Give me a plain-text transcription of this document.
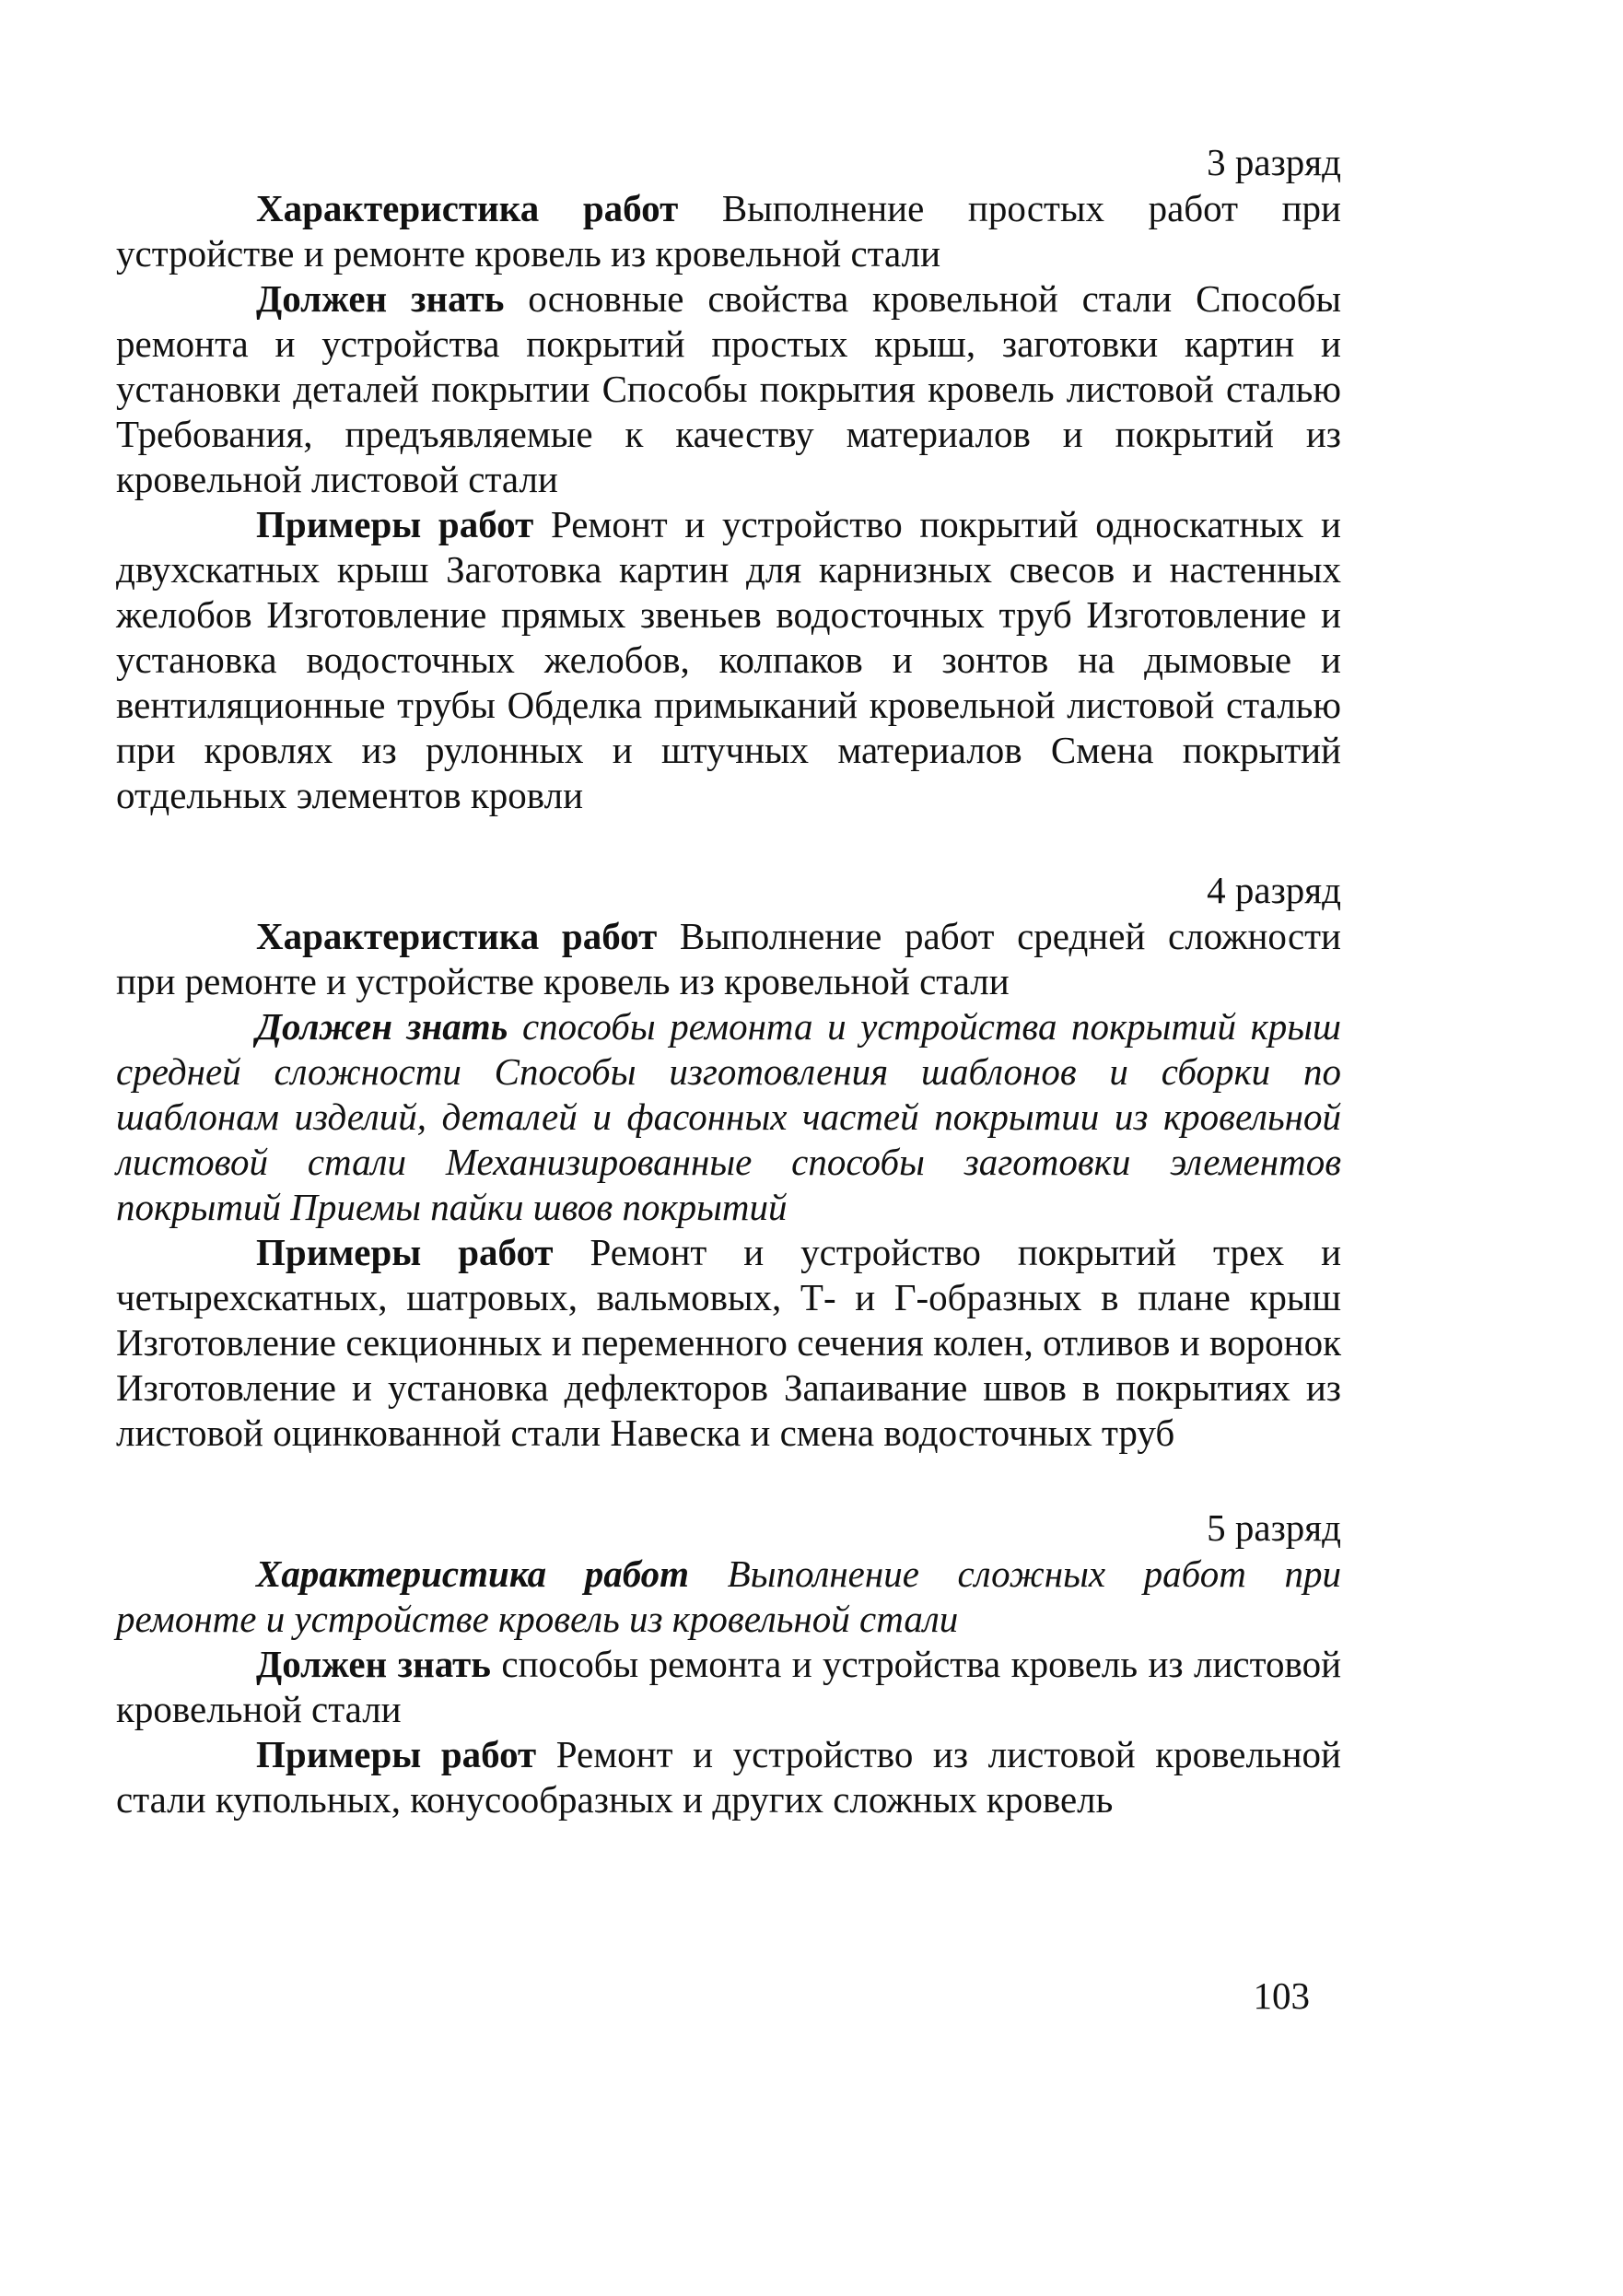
3 разряд

Характеристика работ Выполнение простых работ при устройстве и ремонте кровель из кровельной стали

Должен знать основные свойства кровельной стали Способы ремонта и устройства покрытий простых крыш, заготовки картин и установки деталей покрытии Способы покрытия кровель листовой сталью Требования, предъявляемые к качеству материалов и покрытий из кровельной листовой стали

Примеры работ Ремонт и устройство покрытий односкатных и двухскатных крыш Заготовка картин для карнизных свесов и настенных желобов Изготовление прямых звеньев водосточных труб Изготовление и установка водосточных желобов, колпаков и зонтов на дымовые и вентиляционные трубы Обделка примыканий кровельной листовой сталью при кровлях из рулонных и штучных материалов Смена покрытий отдельных элементов кровли

4 разряд

Характеристика работ Выполнение работ средней сложности при ремонте и устройстве кровель из кровельной стали

Должен знать способы ремонта и устройства покрытий крыш средней сложности Способы изготовления шаблонов и сборки по шаблонам изделий, деталей и фасонных частей покрытии из кровельной листовой стали Механизированные способы заготовки элементов покрытий Приемы пайки швов покрытий

Примеры работ Ремонт и устройство покрытий трех и четырехскатных, шатровых, вальмовых, Т- и Г-образных в плане крыш Изготовление секционных и переменного сечения колен, отливов и воронок Изготовление и установка дефлекторов Запаивание швов в покрытиях из листовой оцинкованной стали Навеска и смена водосточных труб

5 разряд

Характеристика работ Выполнение сложных работ при ремонте и устройстве кровель из кровельной стали

Должен знать способы ремонта и устройства кровель из листовой кровельной стали

Примеры работ Ремонт и устройство из листовой кровельной стали купольных, конусообразных и других сложных кровель

103
